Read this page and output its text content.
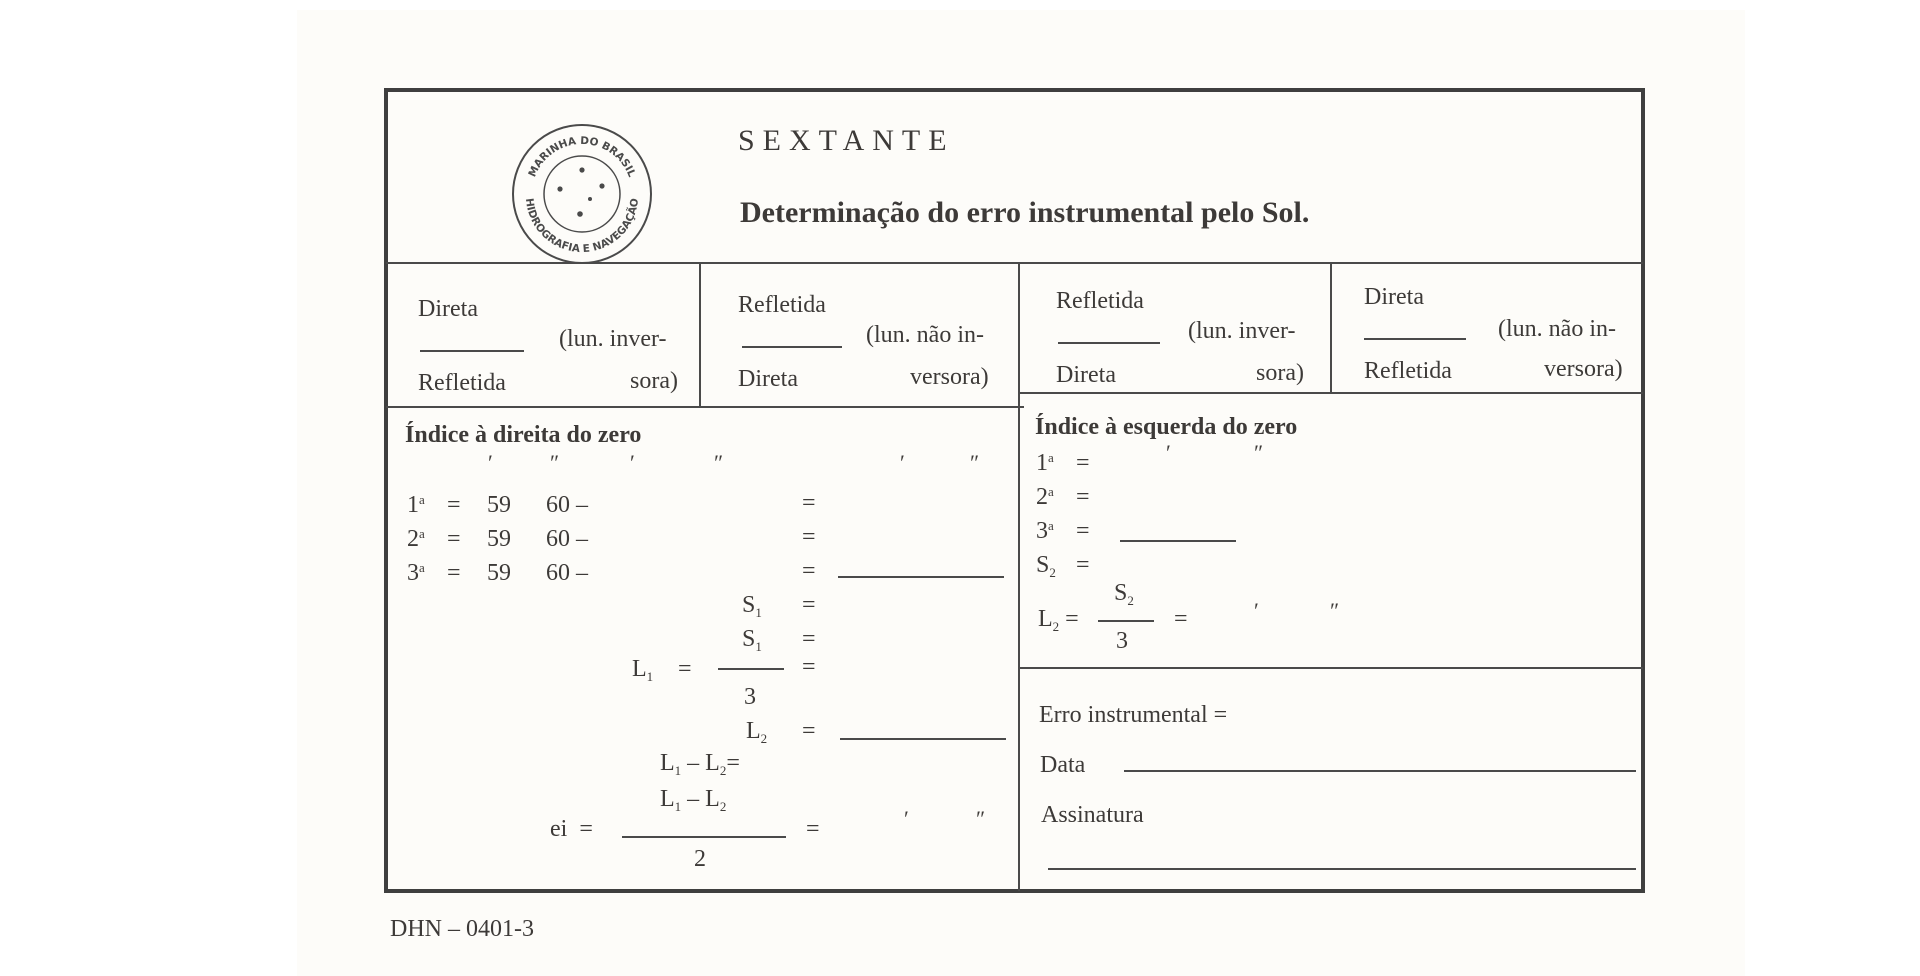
MARINHA DO BRASIL
HIDROGRAFIA E NAVEGAÇÃO
SEXTANTE
Determinação do erro instrumental pelo Sol.
Direta
Refletida
(lun. inver-
sora)
Refletida
Direta
(lun. não in-
versora)
Refletida
Direta
(lun. inver-
sora)
Direta
Refletida
(lun. não in-
versora)
Índice à direita do zero
′	″	′	″	′	″
$1^a = 59$ 60 –	=
$2^a = 59$ 60 –	=
$3^a = 59$ 60 –	=
$S_1$ =
$S_1$ =
$L_1$ =	=
3
$L_2$ =
$L_1 - L_2=$
$L_1 - L_2$
ei =	=	′	″
2
Índice à esquerda do zero
′	″
$1^a$ =
$2^a$ =
$3^a$ =
$S_2$ =
$S_2$
$L_2$ =	=	′	″
3
Erro instrumental =
Data
Assinatura
DHN – 0401-3
